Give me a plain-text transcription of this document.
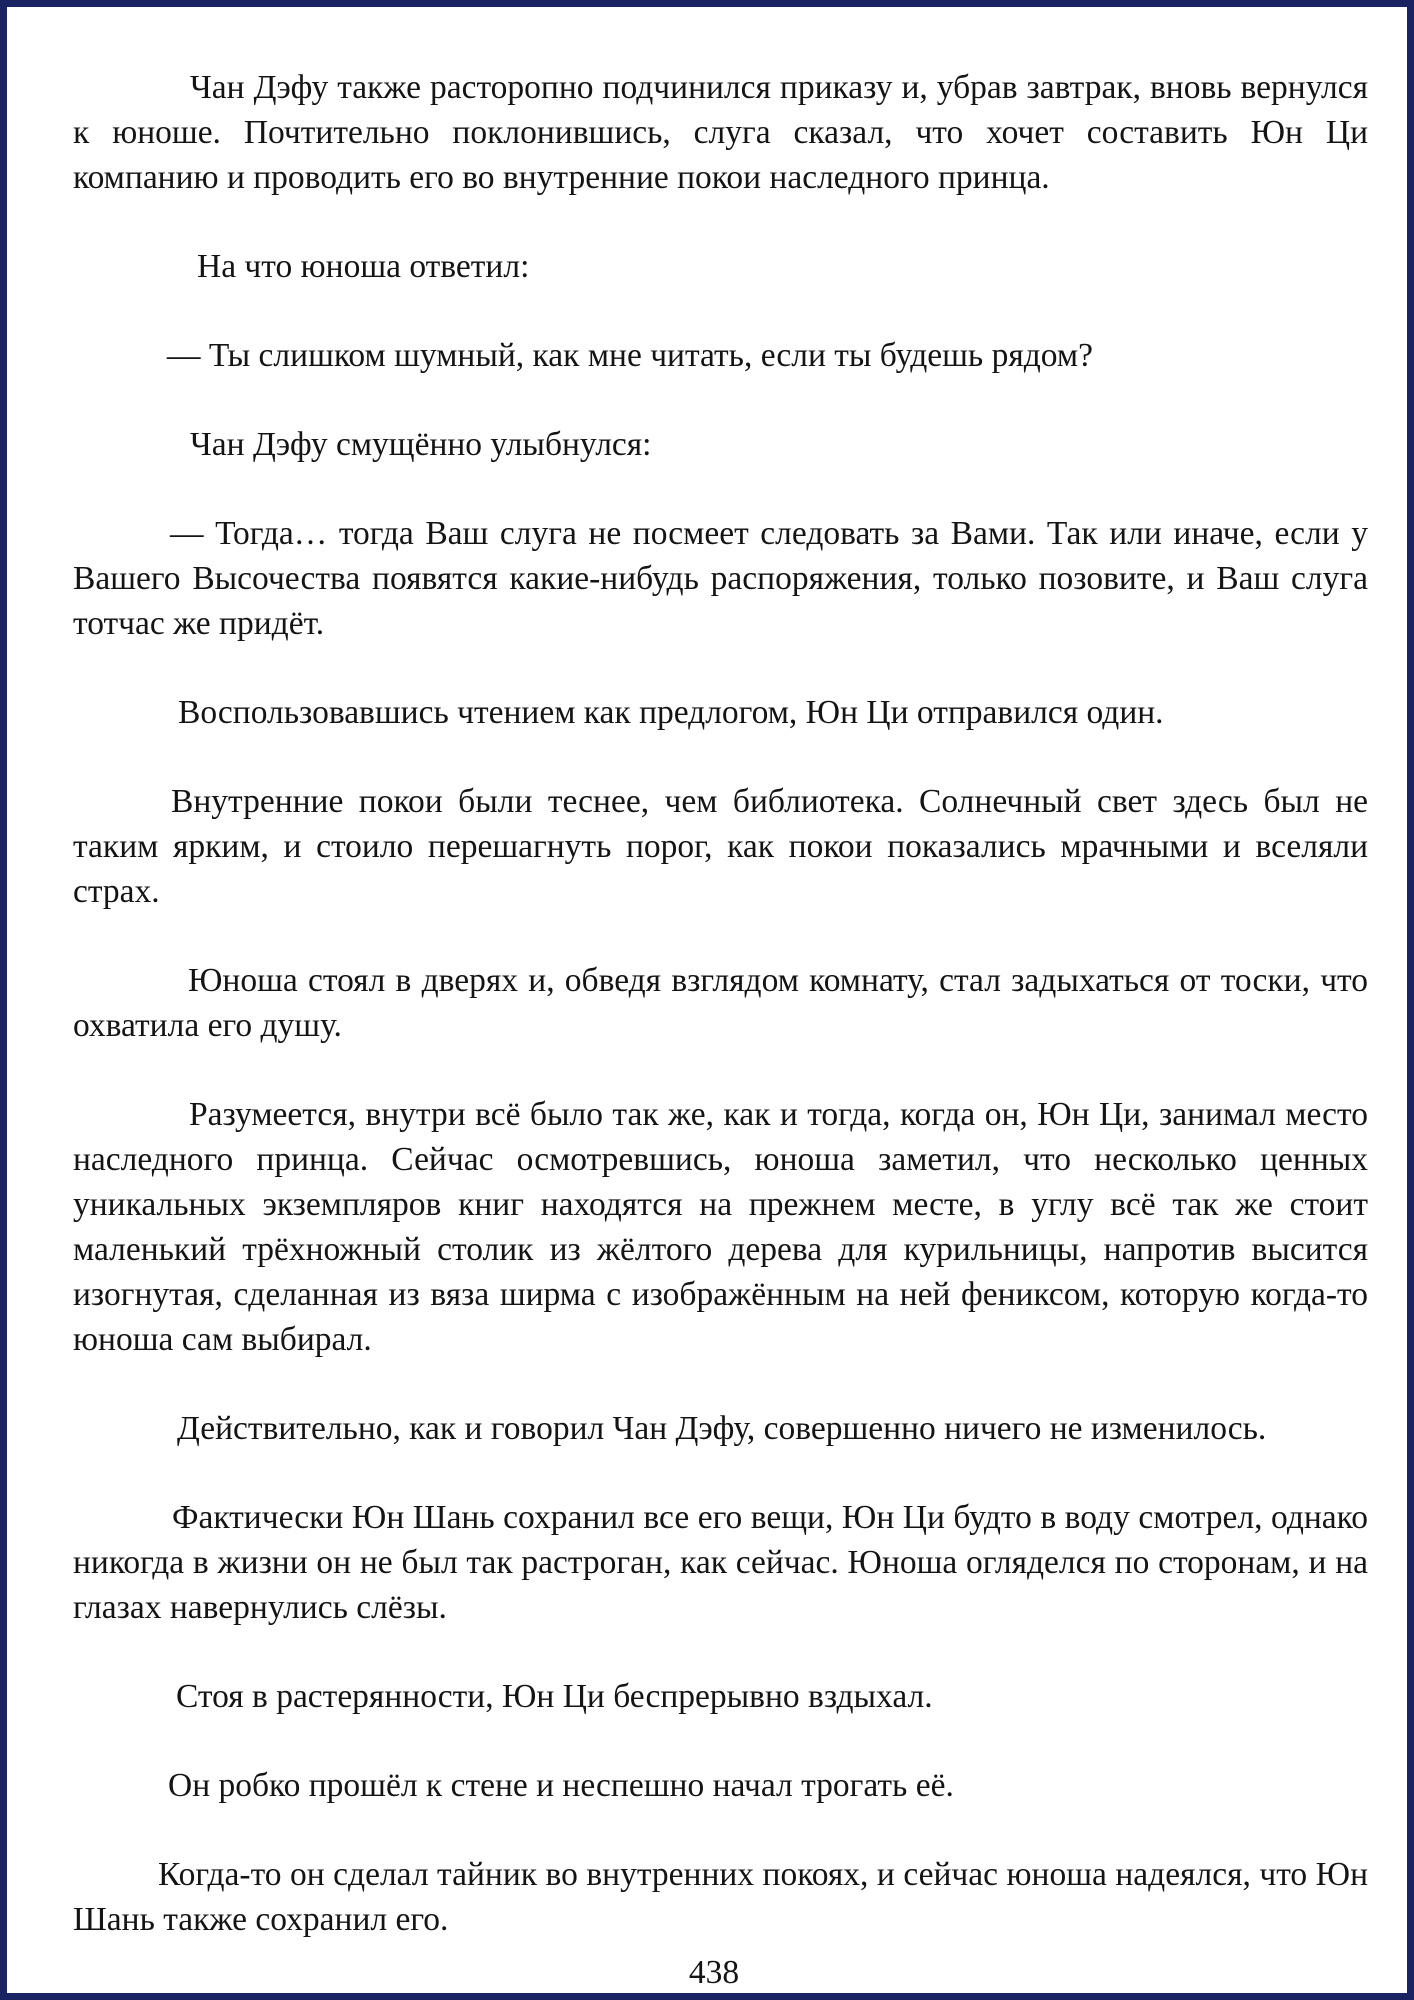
Чан Дэфу также расторопно подчинился приказу и, убрав завтрак, вновь вернулся к юноше. Почтительно поклонившись, слуга сказал, что хочет составить Юн Ци компанию и проводить его во внутренние покои наследного принца.

На что юноша ответил:

— Ты слишком шумный, как мне читать, если ты будешь рядом?

Чан Дэфу смущённо улыбнулся:

— Тогда… тогда Ваш слуга не посмеет следовать за Вами. Так или иначе, если у Вашего Высочества появятся какие-нибудь распоряжения, только позовите, и Ваш слуга тотчас же придёт.

Воспользовавшись чтением как предлогом, Юн Ци отправился один.

Внутренние покои были теснее, чем библиотека. Солнечный свет здесь был не таким ярким, и стоило перешагнуть порог, как покои показались мрачными и вселяли страх.

Юноша стоял в дверях и, обведя взглядом комнату, стал задыхаться от тоски, что охватила его душу.

Разумеется, внутри всё было так же, как и тогда, когда он, Юн Ци, занимал место наследного принца. Сейчас осмотревшись, юноша заметил, что несколько ценных уникальных экземпляров книг находятся на прежнем месте, в углу всё так же стоит маленький трёхножный столик из жёлтого дерева для курильницы, напротив высится изогнутая, сделанная из вяза ширма с изображённым на ней фениксом, которую когда-то юноша сам выбирал.

Действительно, как и говорил Чан Дэфу, совершенно ничего не изменилось.

Фактически Юн Шань сохранил все его вещи, Юн Ци будто в воду смотрел, однако никогда в жизни он не был так растроган, как сейчас. Юноша огляделся по сторонам, и на глазах навернулись слёзы.

Стоя в растерянности, Юн Ци беспрерывно вздыхал.

Он робко прошёл к стене и неспешно начал трогать её.

Когда-то он сделал тайник во внутренних покоях, и сейчас юноша надеялся, что Юн Шань также сохранил его.

438
